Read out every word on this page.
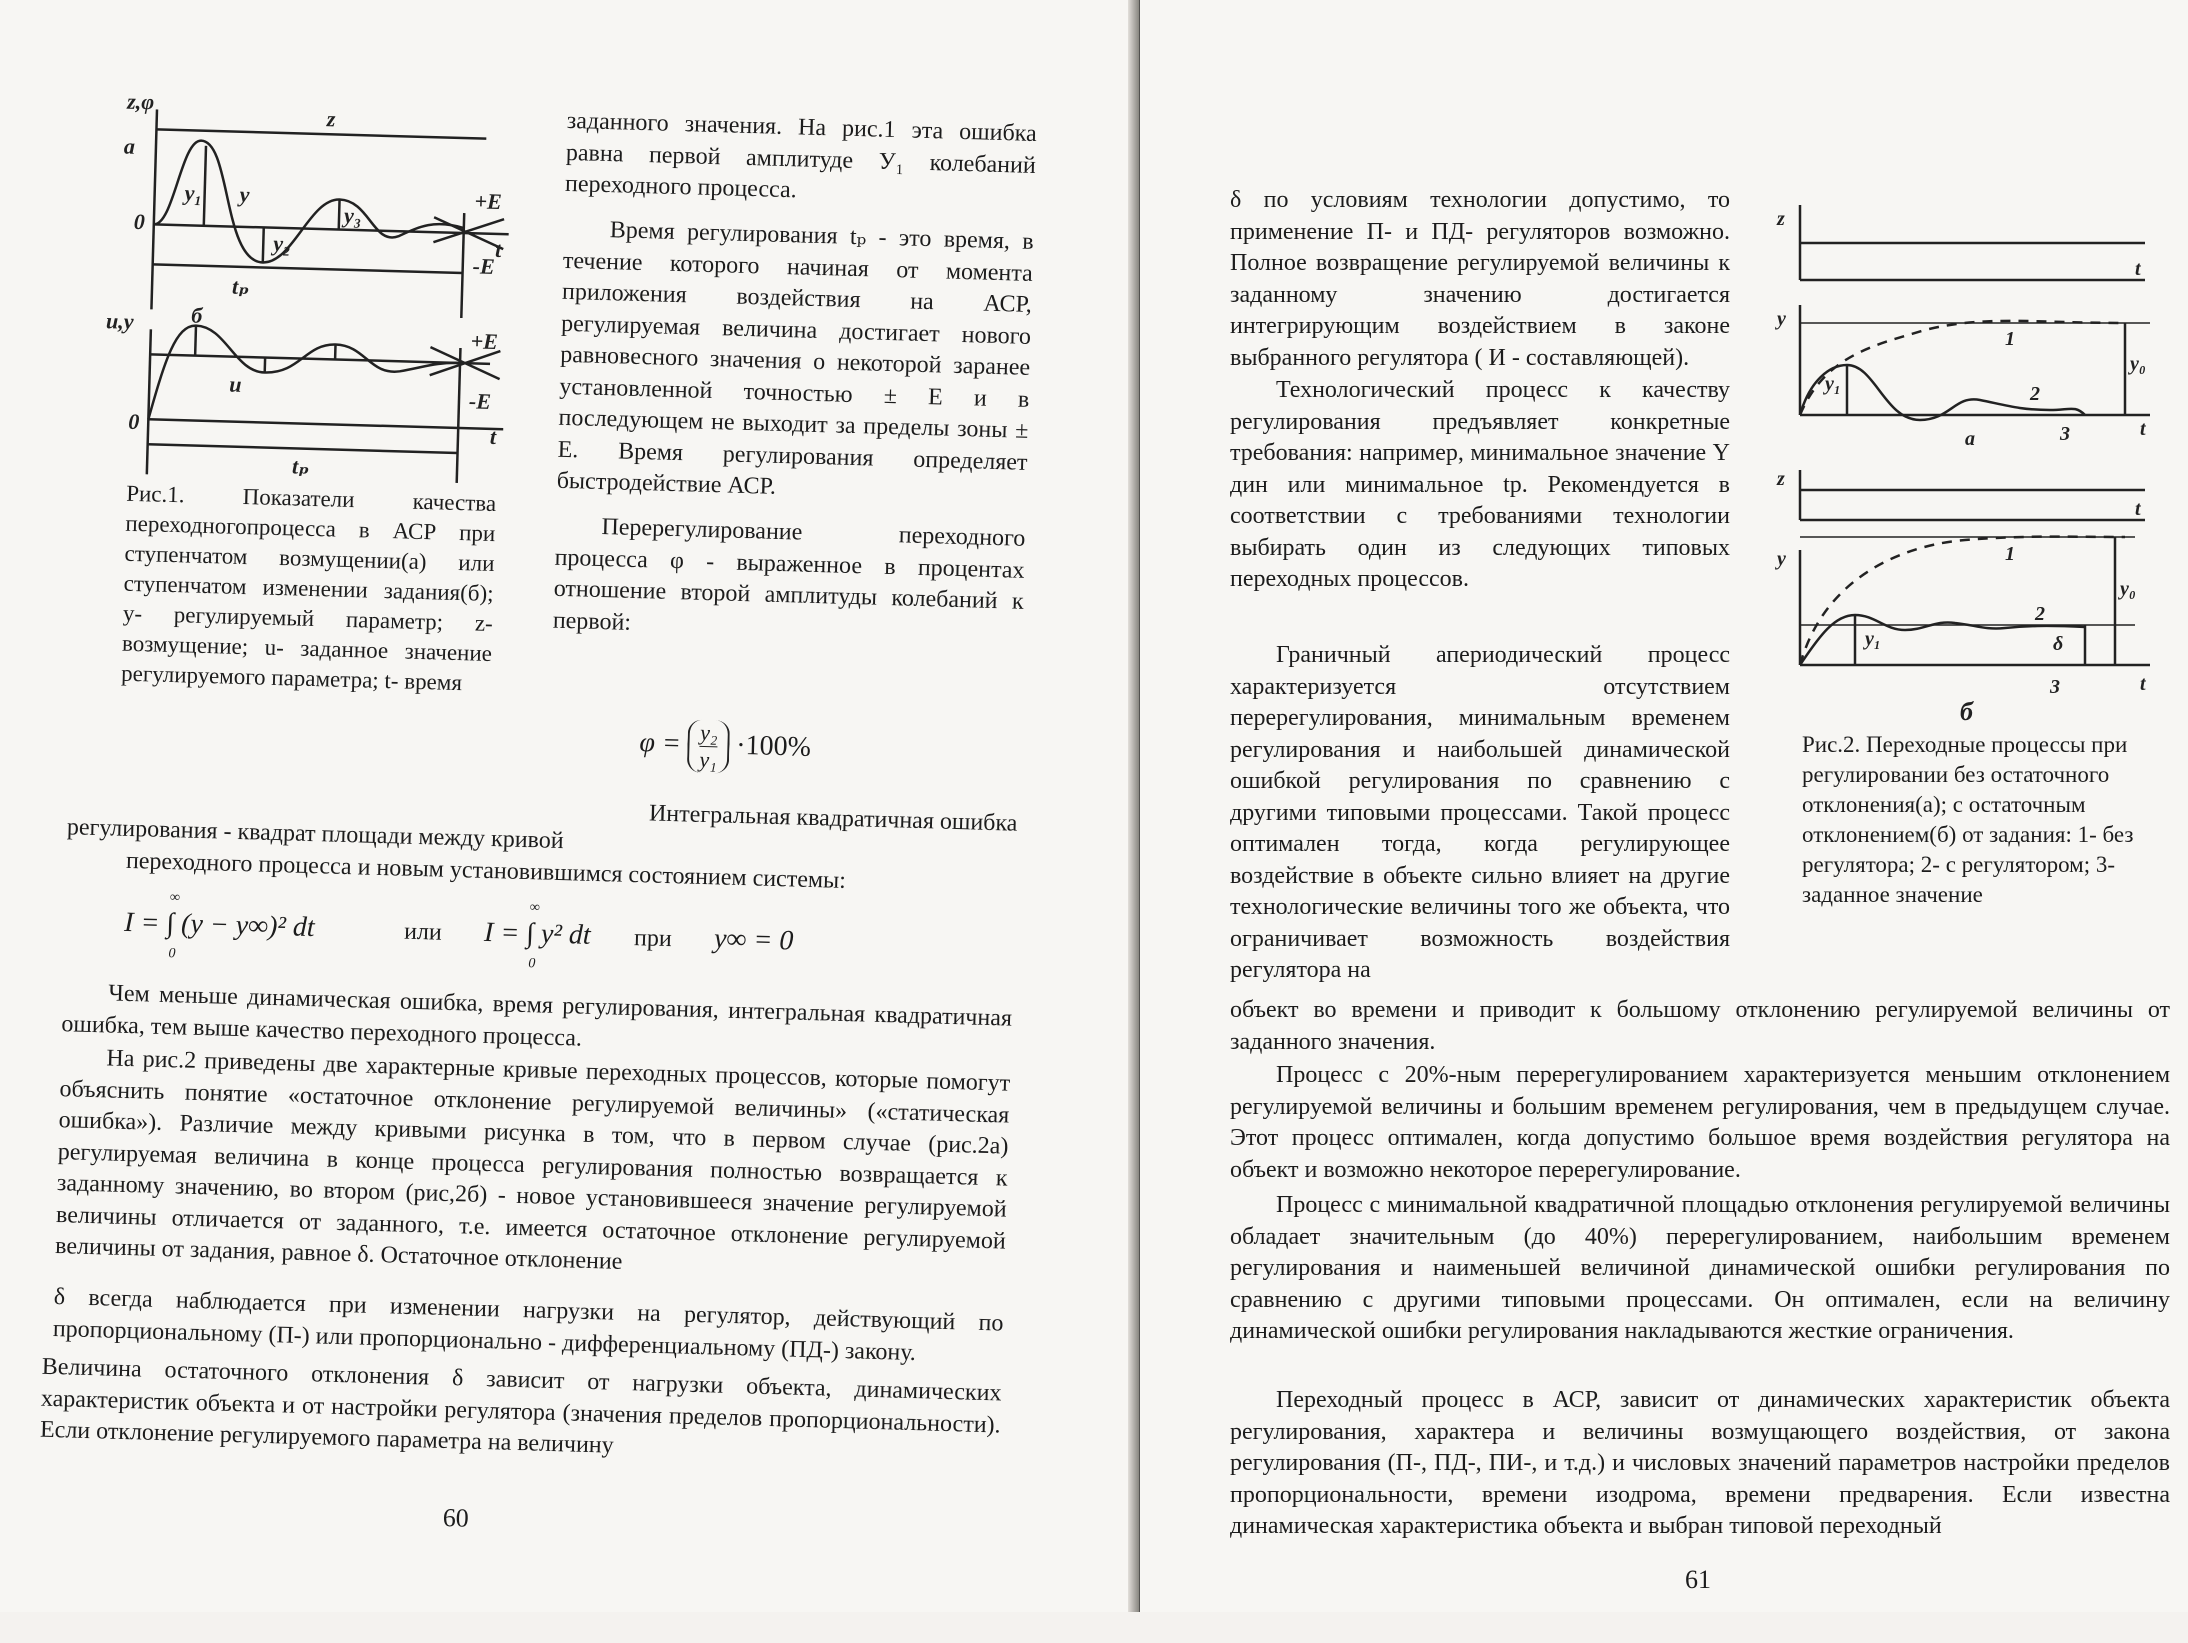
z,φ
z
а
у
у₁
у₂
у₃
+Е
-Е
0
tₚ
t
u,y	б
u
0
tₚ
t
+Е
-Е

Рис.1. Показатели качества переходногопроцесса в АСР при ступенчатом возмущении(а) или ступенчатом изменении задания(б); у- регулируемый параметр; z- возмущение; u- заданное значение регулируемого параметра; t- время

заданного значения. На рис.1 эта ошибка равна первой амплитуде У₁ колебаний переходного процесса.

Время регулирования tₚ - это время, в течение которого начиная от момента приложения воздействия на АСР, регулируемая величина достигает нового равновесного значения о некоторой заранее установленной точностью ± Е и в последующем не выходит за пределы зоны ± Е. Время регулирования определяет быстродействие АСР.

Перерегулирование переходного процесса φ - выраженное в процентах отношение второй амплитуды колебаний к первой:

$\varphi = \frac{\text{y₂}}{\text{y₁}} \cdot 100\%$

Интегральная квадратичная ошибка

регулирования - квадрат площади между кривой

переходного процесса и новым установившимся состоянием системы:

∞
0
I = ∫ (y − y∞)² dt	или
∞
0
I = ∫ y² dt при y∞ = 0

Чем меньше динамическая ошибка, время регулирования, интегральная квадратичная ошибка, тем выше качество переходного процесса.

На рис.2 приведены две характерные кривые переходных процессов, которые помогут объяснить понятие «остаточное отклонение регулируемой величины» («статическая ошибка»). Различие между кривыми рисунка в том, что в первом случае (рис.2а) регулируемая величина в конце процесса регулирования полностью возвращается к заданному значению, во втором (рис,2б) - новое установившееся значение регулируемой величины отличается от заданного, т.е. имеется остаточное отклонение регулируемой величины от задания, равное δ. Остаточное отклонение

δ всегда наблюдается при изменении нагрузки на регулятор, действующий по пропорциональному (П-) или пропорционально - дифференциальному (ПД-) закону.

Величина остаточного отклонения δ зависит от нагрузки объекта, динамических характеристик объекта и от настройки регулятора (значения пределов пропорциональности). Если отклонение регулируемого параметра на величину

60

δ по условиям технологии допустимо, то применение П- и ПД- регуляторов возможно. Полное возвращение регулируемой величины к заданному значению достигается интегрирующим воздействием в законе выбранного регулятора ( И - составляющей).

Технологический процесс к качеству регулирования предъявляет конкретные требования: например, минимальное значение Y дин или минимальное tр. Рекомендуется в соответствии с требованиями технологии выбирать один из следующих типовых переходных процессов.

Граничный апериодический процесс характеризуется отсутствием перерегулирования, минимальным временем регулирования и наибольшей динамической ошибкой регулирования по сравнению с другими типовыми процессами. Такой процесс оптимален тогда, когда регулирующее воздействие в объекте сильно влияет на другие технологические величины того же объекта, что ограничивает возможность воздействия регулятора на

объект во времени и приводит к большому отклонению регулируемой величины от заданного значения.

Процесс с 20%-ным перерегулированием характеризуется меньшим отклонением регулируемой величины и большим временем регулирования, чем в предыдущем случае. Этот процесс оптимален, когда допустимо большое время воздействия регулятора на объект и возможно некоторое перерегулирование.

Процесс с минимальной квадратичной площадью отклонения регулируемой величины обладает значительным (до 40%) перерегулированием, наибольшим временем регулирования и наименьшей величиной динамической ошибки регулирования по сравнению с другими типовыми процессами. Он оптимален, если на величину динамической ошибки регулирования накладываются жесткие ограничения.

Переходный процесс в АСР, зависит от динамических характеристик объекта регулирования, характера и величины возмущающего воздействия, от закона регулирования (П-, ПД-, ПИ-, и т.д.) и числовых значений параметров настройки пределов пропорциональности, времени изодрома, времени предварения. Если известна динамическая характеристика объекта и выбран типовой переходный

z
t
y
y₁
y₀
1
2
3
а	t
z
t
y
y₁
y₀
1
2
3
δ
t
б

Рис.2. Переходные процессы при регулировании без остаточного отклонения(а); с остаточным отклонением(б) от задания: 1- без регулятора; 2- с регулятором; 3- заданное значение

61
